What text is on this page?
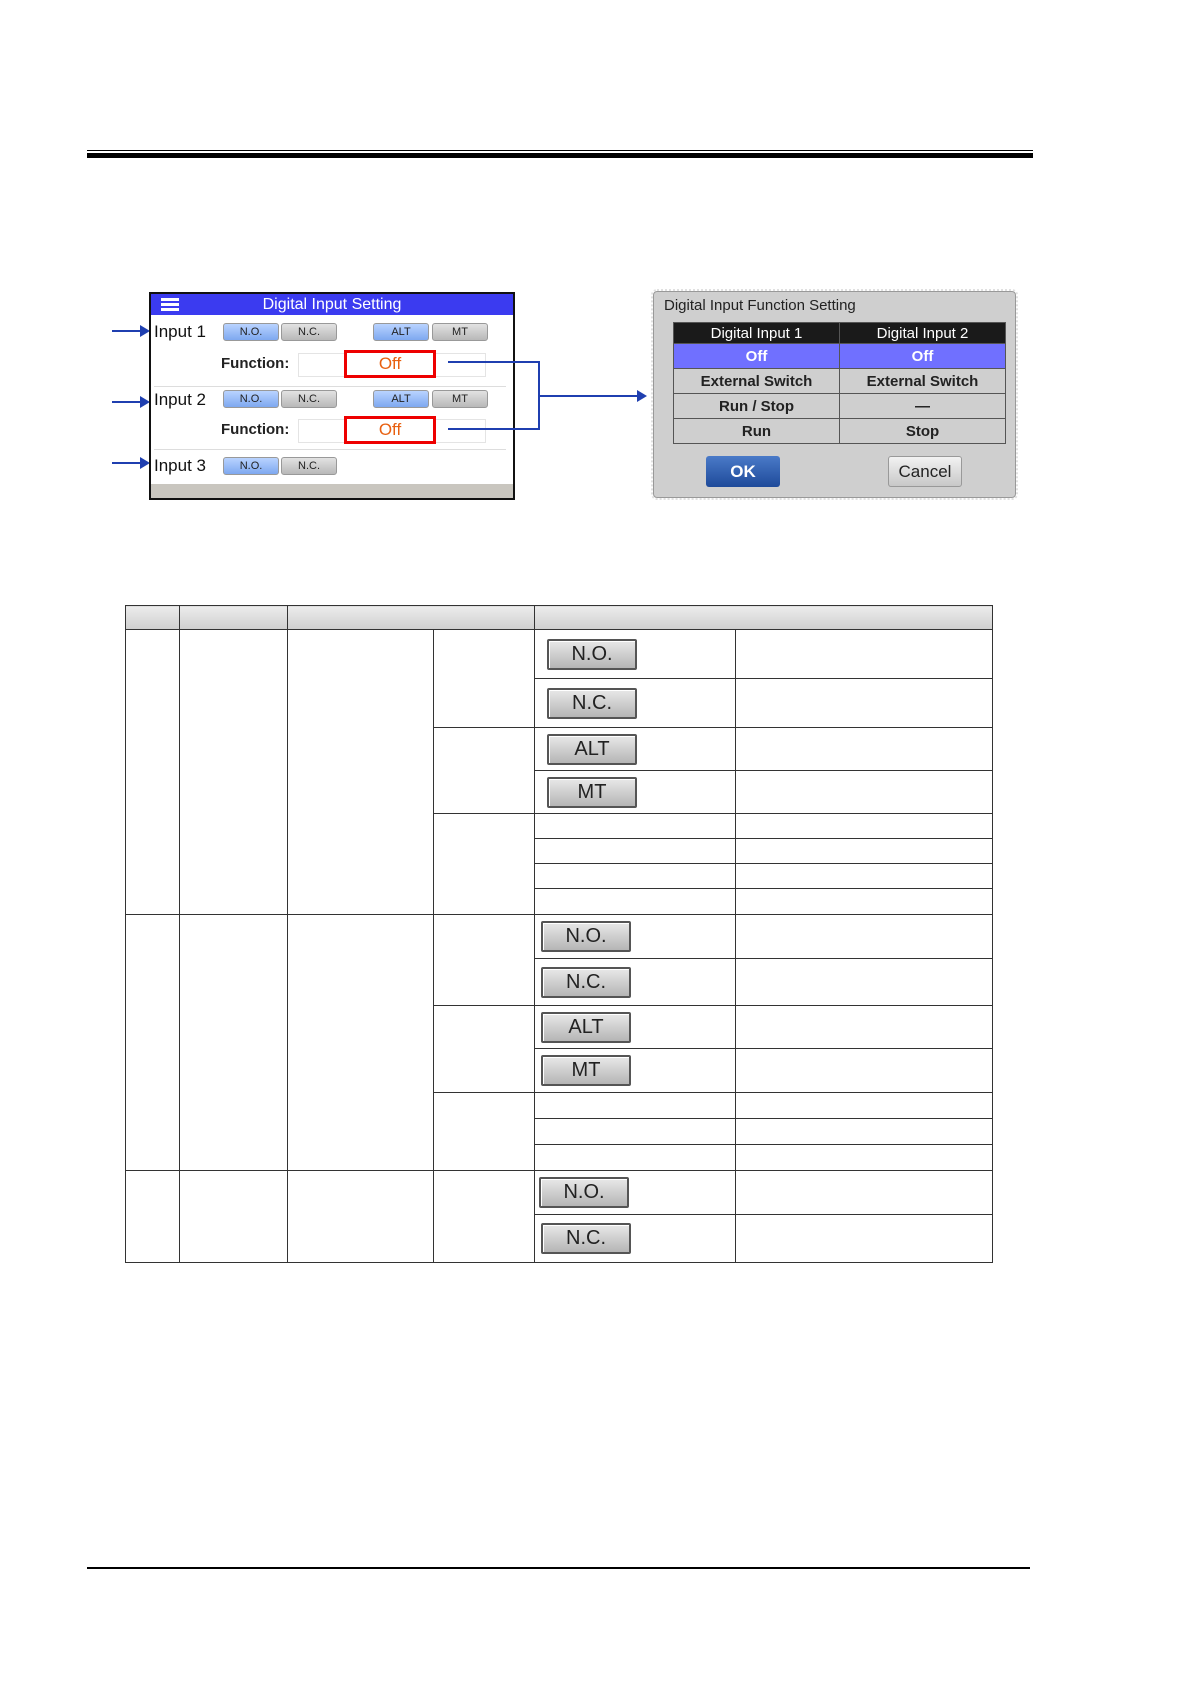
Digital Input Setting
Input 1	N.O.	N.C.	ALT	MT
Function:	Off
Input 2	N.O.	N.C.	ALT	MT
Function:	Off
Input 3	N.O.	N.C.
Digital Input Function Setting
Digital Input 1	Digital Input 2
Off	Off
External Switch	External Switch
Run / Stop	—
Run	Stop
OK	Cancel

				N.O.	
				N.C.	
				ALT	
				MT	

				N.O.	
				N.C.	
				ALT	
				MT	

				N.O.	
				N.C.	
